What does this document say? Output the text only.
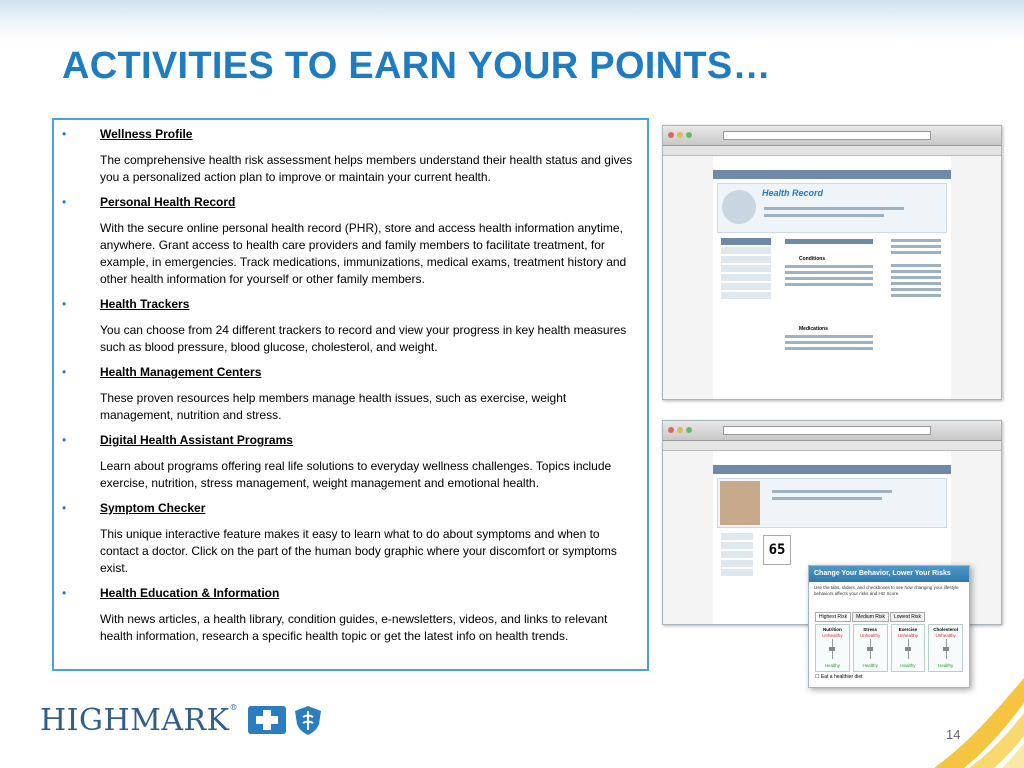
ACTIVITIES TO EARN YOUR POINTS…
•	Wellness Profile
The comprehensive health risk assessment helps members understand their health status and gives you a personalized action plan to improve or maintain your current health.
•	Personal Health Record
With the secure online personal health record (PHR), store and access health information anytime, anywhere. Grant access to health care providers and family members to facilitate treatment, for example, in emergencies. Track medications, immunizations, medical exams, treatment history and other health information for yourself or other family members.
•	Health Trackers
You can choose from 24 different trackers to record and view your progress in key health measures such as blood pressure, blood glucose, cholesterol, and weight.
•	Health Management Centers
These proven resources help members manage health issues, such as exercise, weight management, nutrition and stress.
•	Digital Health Assistant Programs
Learn about programs offering real life solutions to everyday wellness challenges. Topics include exercise, nutrition, stress management, weight management and emotional health.
•	Symptom Checker
This unique interactive feature makes it easy to learn what to do about symptoms and when to contact a doctor. Click on the part of the human body graphic where your discomfort or symptoms exist.
•	Health Education & Information
With news articles, a health library, condition guides, e-newsletters, videos, and links to relevant health information, research a specific health topic or get the latest info on health trends.
Health Record
Conditions
Medications
65
Change Your Behavior, Lower Your Risks
Use the tabs, sliders, and checkboxes to see how changing your lifestyle behaviors affects your risks and HG Score.
Highest Risk Medium Risk Lowest Risk
Nutrition
Unhealthy
Healthy
Stress
Unhealthy
Healthy
Exercise
Unhealthy
Healthy
Cholesterol
Unhealthy
Healthy
☐ Eat a healthier diet
HIGHMARK®
14
